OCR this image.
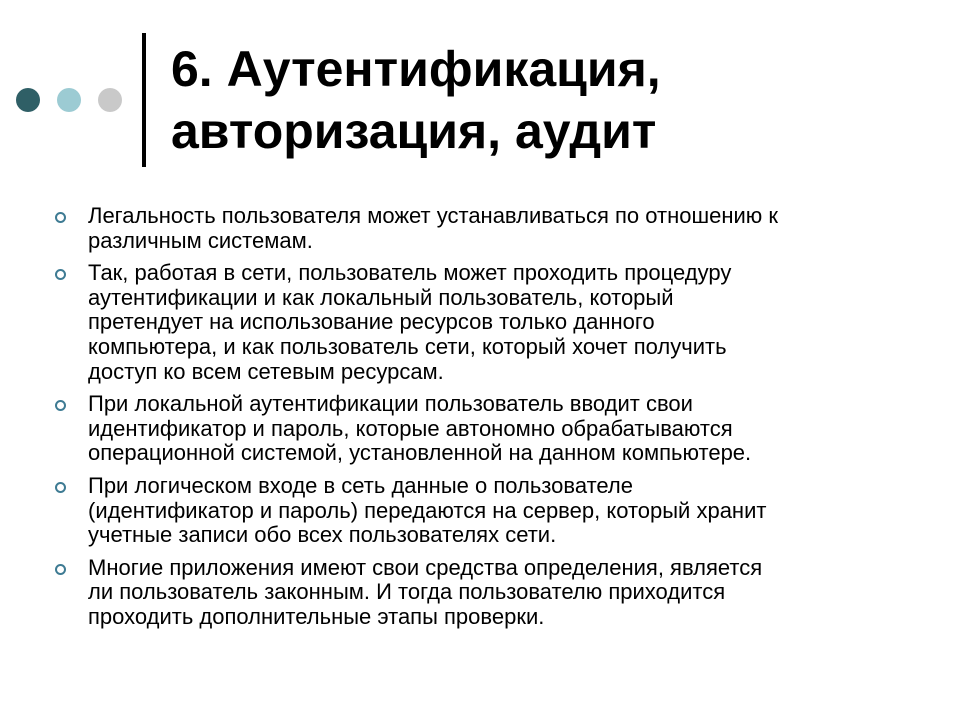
6. Аутентификация,
авторизация, аудит
Легальность пользователя может устанавливаться по отношению к
различным системам.
Так, работая в сети, пользователь может проходить процедуру
аутентификации и как локальный пользователь, который
претендует на использование ресурсов только данного
компьютера, и как пользователь сети, который хочет получить
доступ ко всем сетевым ресурсам.
При локальной аутентификации пользователь вводит свои
идентификатор и пароль, которые автономно обрабатываются
операционной системой, установленной на данном компьютере.
При логическом входе в сеть данные о пользователе
(идентификатор и пароль) передаются на сервер, который хранит
учетные записи обо всех пользователях сети.
Многие приложения имеют свои средства определения, является
ли пользователь законным. И тогда пользователю приходится
проходить дополнительные этапы проверки.
